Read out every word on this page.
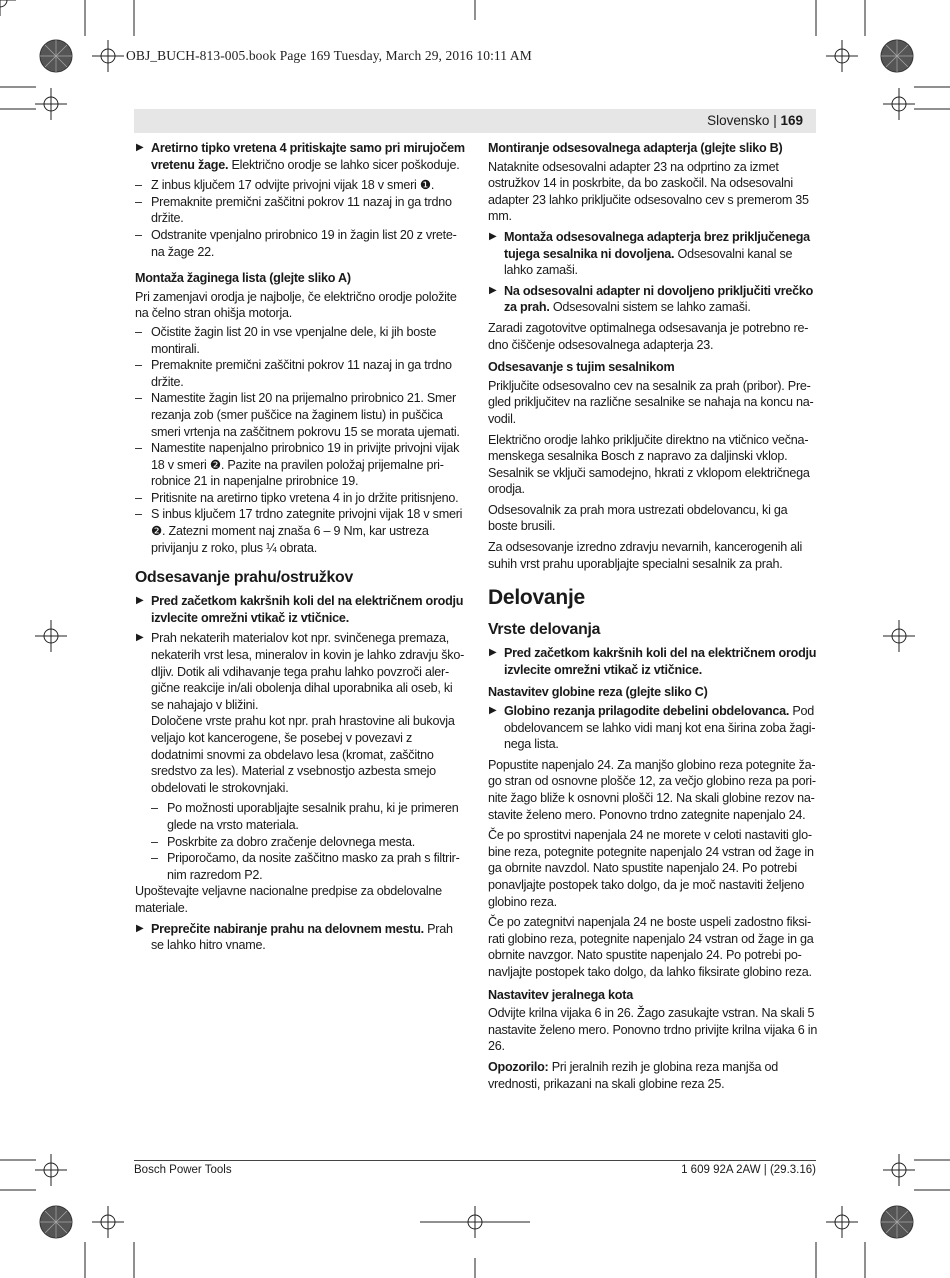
OBJ_BUCH-813-005.book Page 169 Tuesday, March 29, 2016 10:11 AM
Slovensko | 169
▶ Aretirno tipko vretena 4 pritiskajte samo pri mirujočem vretenu žage. Električno orodje se lahko sicer poškoduje.
– Z inbus ključem 17 odvijte privojni vijak 18 v smeri ❶.
– Premaknite premični zaščitni pokrov 11 nazaj in ga trdno držite.
– Odstranite vpenjalno prirobnico 19 in žagin list 20 z vretena žage 22.

Montaža žaginega lista (glejte sliko A)

Pri zamenjavi orodja je najbolje, če električno orodje položite na čelno stran ohišja motorja.

– Očistite žagin list 20 in vse vpenjalne dele, ki jih boste montirali.
– Premaknite premični zaščitni pokrov 11 nazaj in ga trdno držite.
– Namestite žagin list 20 na prijemalno prirobnico 21. Smer rezanja zob (smer puščice na žaginem listu) in puščica smeri vrtenja na zaščitnem pokrovu 15 se morata ujemati.
– Namestite napenjalno prirobnico 19 in privijte privojni vijak 18 v smeri ❷. Pazite na pravilen položaj prijemalne prirobnice 21 in napenjalne prirobnice 19.
– Pritisnite na aretirno tipko vretena 4 in jo držite pritisnjeno.
– S inbus ključem 17 trdno zategnite privojni vijak 18 v smeri ❷. Zatezni moment naj znaša 6 – 9 Nm, kar ustreza privijanju z roko, plus ¼ obrata.

Odsesavanje prahu/ostružkov

▶ Pred začetkom kakršnih koli del na električnem orodju izvlecite omrežni vtikač iz vtičnice.
▶ Prah nekaterih materialov kot npr. svinčenega premaza, nekaterih vrst lesa, mineralov in kovin je lahko zdravju škodljiv. Dotik ali vdihavanje tega prahu lahko povzroči alergične reakcije in/ali obolenja dihal uporabnika ali oseb, ki se nahajajo v bližini.

Določene vrste prahu kot npr. prah hrastovine ali bukovja veljajo kot kancerogene, še posebej v povezavi z dodatnimi snovmi za obdelavo lesa (kromat, zaščitno sredstvo za les). Material z vsebnostjo azbesta smejo obdelovati le strokovnjaki.

– Po možnosti uporabljajte sesalnik prahu, ki je primeren glede na vrsto materiala.
– Poskrbite za dobro zračenje delovnega mesta.
– Priporočamo, da nosite zaščitno masko za prah s filtrirnim razredom P2.

Upoštevajte veljavne nacionalne predpise za obdelovalne materiale.

▶ Preprečite nabiranje prahu na delovnem mestu. Prah se lahko hitro vname.

Montiranje odsesovalnega adapterja (glejte sliko B)

Nataknite odsesovalni adapter 23 na odprtino za izmet ostružkov 14 in poskrbite, da bo zaskočil. Na odsesovalni adapter 23 lahko priključite odsesovalno cev s premerom 35 mm.

▶ Montaža odsesovalnega adapterja brez priključenega tujega sesalnika ni dovoljena. Odsesovalni kanal se lahko zamaši.
▶ Na odsesovalni adapter ni dovoljeno priključiti vrečko za prah. Odsesovalni sistem se lahko zamaši.

Zaradi zagotovitve optimalnega odsesavanja je potrebno redno čiščenje odsesovalnega adapterja 23.

Odsesavanje s tujim sesalnikom

Priključite odsesovalno cev na sesalnik za prah (pribor). Pregled priključitev na različne sesalnike se nahaja na koncu navodil.

Električno orodje lahko priključite direktno na vtičnico večnamenskega sesalnika Bosch z napravo za daljinski vklop. Sesalnik se vključi samodejno, hkrati z vklopom električnega orodja.

Odsesovalnik za prah mora ustrezati obdelovancu, ki ga boste brusili.

Za odsesovanje izredno zdravju nevarnih, kancerogenih ali suhih vrst prahu uporabljajte specialni sesalnik za prah.

Delovanje

Vrste delovanja

▶ Pred začetkom kakršnih koli del na električnem orodju izvlecite omrežni vtikač iz vtičnice.

Nastavitev globine reza (glejte sliko C)

▶ Globino rezanja prilagodite debelini obdelovanca. Pod obdelovancem se lahko vidi manj kot ena širina zoba žaginega lista.

Popustite napenjalo 24. Za manjšo globino reza potegnite žago stran od osnovne plošče 12, za večjo globino reza pa porinite žago bliže k osnovni plošči 12. Na skali globine rezov nastavite želeno mero. Ponovno trdno zategnite napenjalo 24.

Če po sprostitvi napenjala 24 ne morete v celoti nastaviti globine reza, potegnite potegnite napenjalo 24 vstran od žage in ga obrnite navzdol. Nato spustite napenjalo 24. Po potrebi ponavljajte postopek tako dolgo, da je moč nastaviti željeno globino reza.

Če po zategnitvi napenjala 24 ne boste uspeli zadostno fiksirati globino reza, potegnite napenjalo 24 vstran od žage in ga obrnite navzgor. Nato spustite napenjalo 24. Po potrebi ponavljajte postopek tako dolgo, da lahko fiksirate globino reza.

Nastavitev jeralnega kota

Odvijte krilna vijaka 6 in 26. Žago zasukajte vstran. Na skali 5 nastavite želeno mero. Ponovno trdno privijte krilna vijaka 6 in 26.

Opozorilo: Pri jeralnih rezih je globina reza manjša od vrednosti, prikazani na skali globine reza 25.

Bosch Power Tools	1 609 92A 2AW | (29.3.16)
